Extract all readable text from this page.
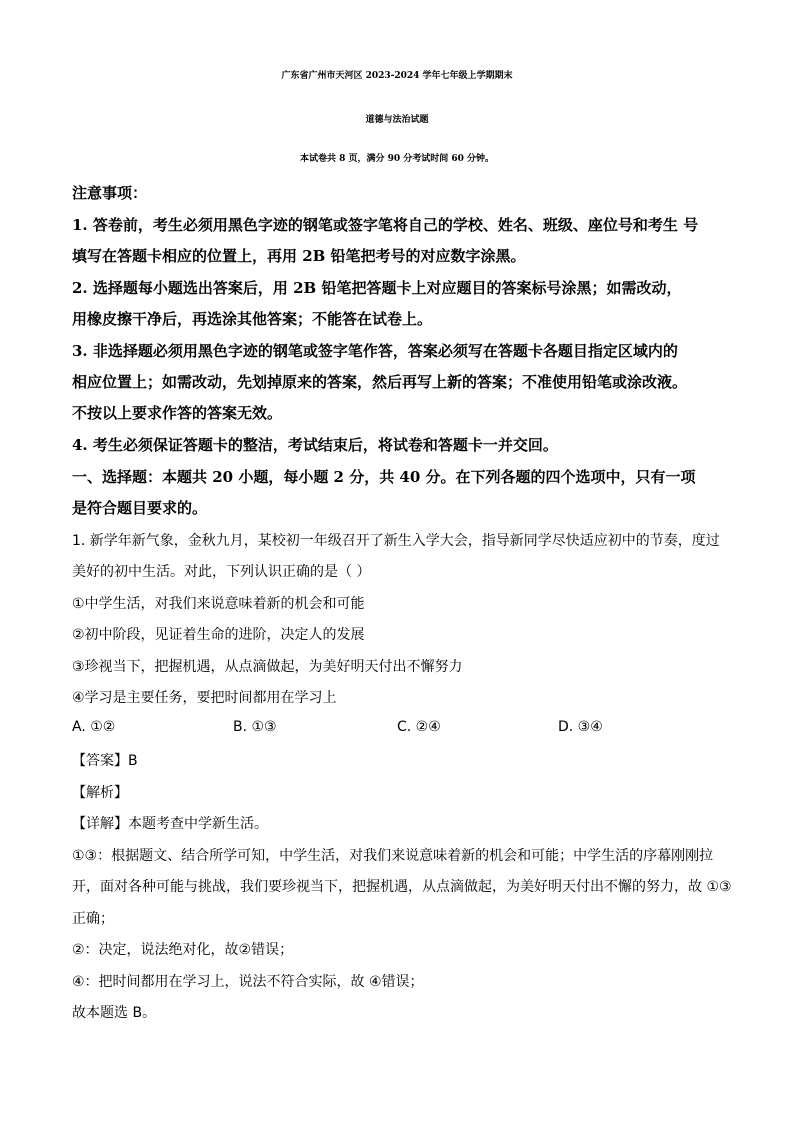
广东省广州市天河区 2023-2024 学年七年级上学期期末
道德与法治试题
本试卷共 8 页，满分 90 分考试时间 60 分钟。
注意事项：
1. 答卷前，考生必须用黑色字迹的钢笔或签字笔将自己的学校、姓名、班级、座位号和考生 号
填写在答题卡相应的位置上，再用 2B 铅笔把考号的对应数字涂黑。
2. 选择题每小题选出答案后，用 2B 铅笔把答题卡上对应题目的答案标号涂黑；如需改动，
用橡皮擦干净后，再选涂其他答案；不能答在试卷上。
3. 非选择题必须用黑色字迹的钢笔或签字笔作答，答案必须写在答题卡各题目指定区域内的
相应位置上；如需改动，先划掉原来的答案，然后再写上新的答案；不准使用铅笔或涂改液。
不按以上要求作答的答案无效。
4. 考生必须保证答题卡的整洁，考试结束后，将试卷和答题卡一并交回。
一、选择题：本题共 20 小题，每小题 2 分，共 40 分。在下列各题的四个选项中，只有一项
是符合题目要求的。
1. 新学年新气象，金秋九月，某校初一年级召开了新生入学大会，指导新同学尽快适应初中的节奏，度过
美好的初中生活。对此，下列认识正确的是（ ）
①中学生活，对我们来说意味着新的机会和可能
②初中阶段，见证着生命的进阶，决定人的发展
③珍视当下，把握机遇，从点滴做起，为美好明天付出不懈努力
④学习是主要任务，要把时间都用在学习上
A. ①②	B. ①③	C. ②④	D. ③④
【答案】B
【解析】
【详解】本题考查中学新生活。
①③：根据题文、结合所学可知，中学生活，对我们来说意味着新的机会和可能；中学生活的序幕刚刚拉
开，面对各种可能与挑战，我们要珍视当下，把握机遇，从点滴做起，为美好明天付出不懈的努力，故 ①③
正确；
②：决定，说法绝对化，故②错误；
④：把时间都用在学习上，说法不符合实际，故 ④错误；
故本题选 B。
